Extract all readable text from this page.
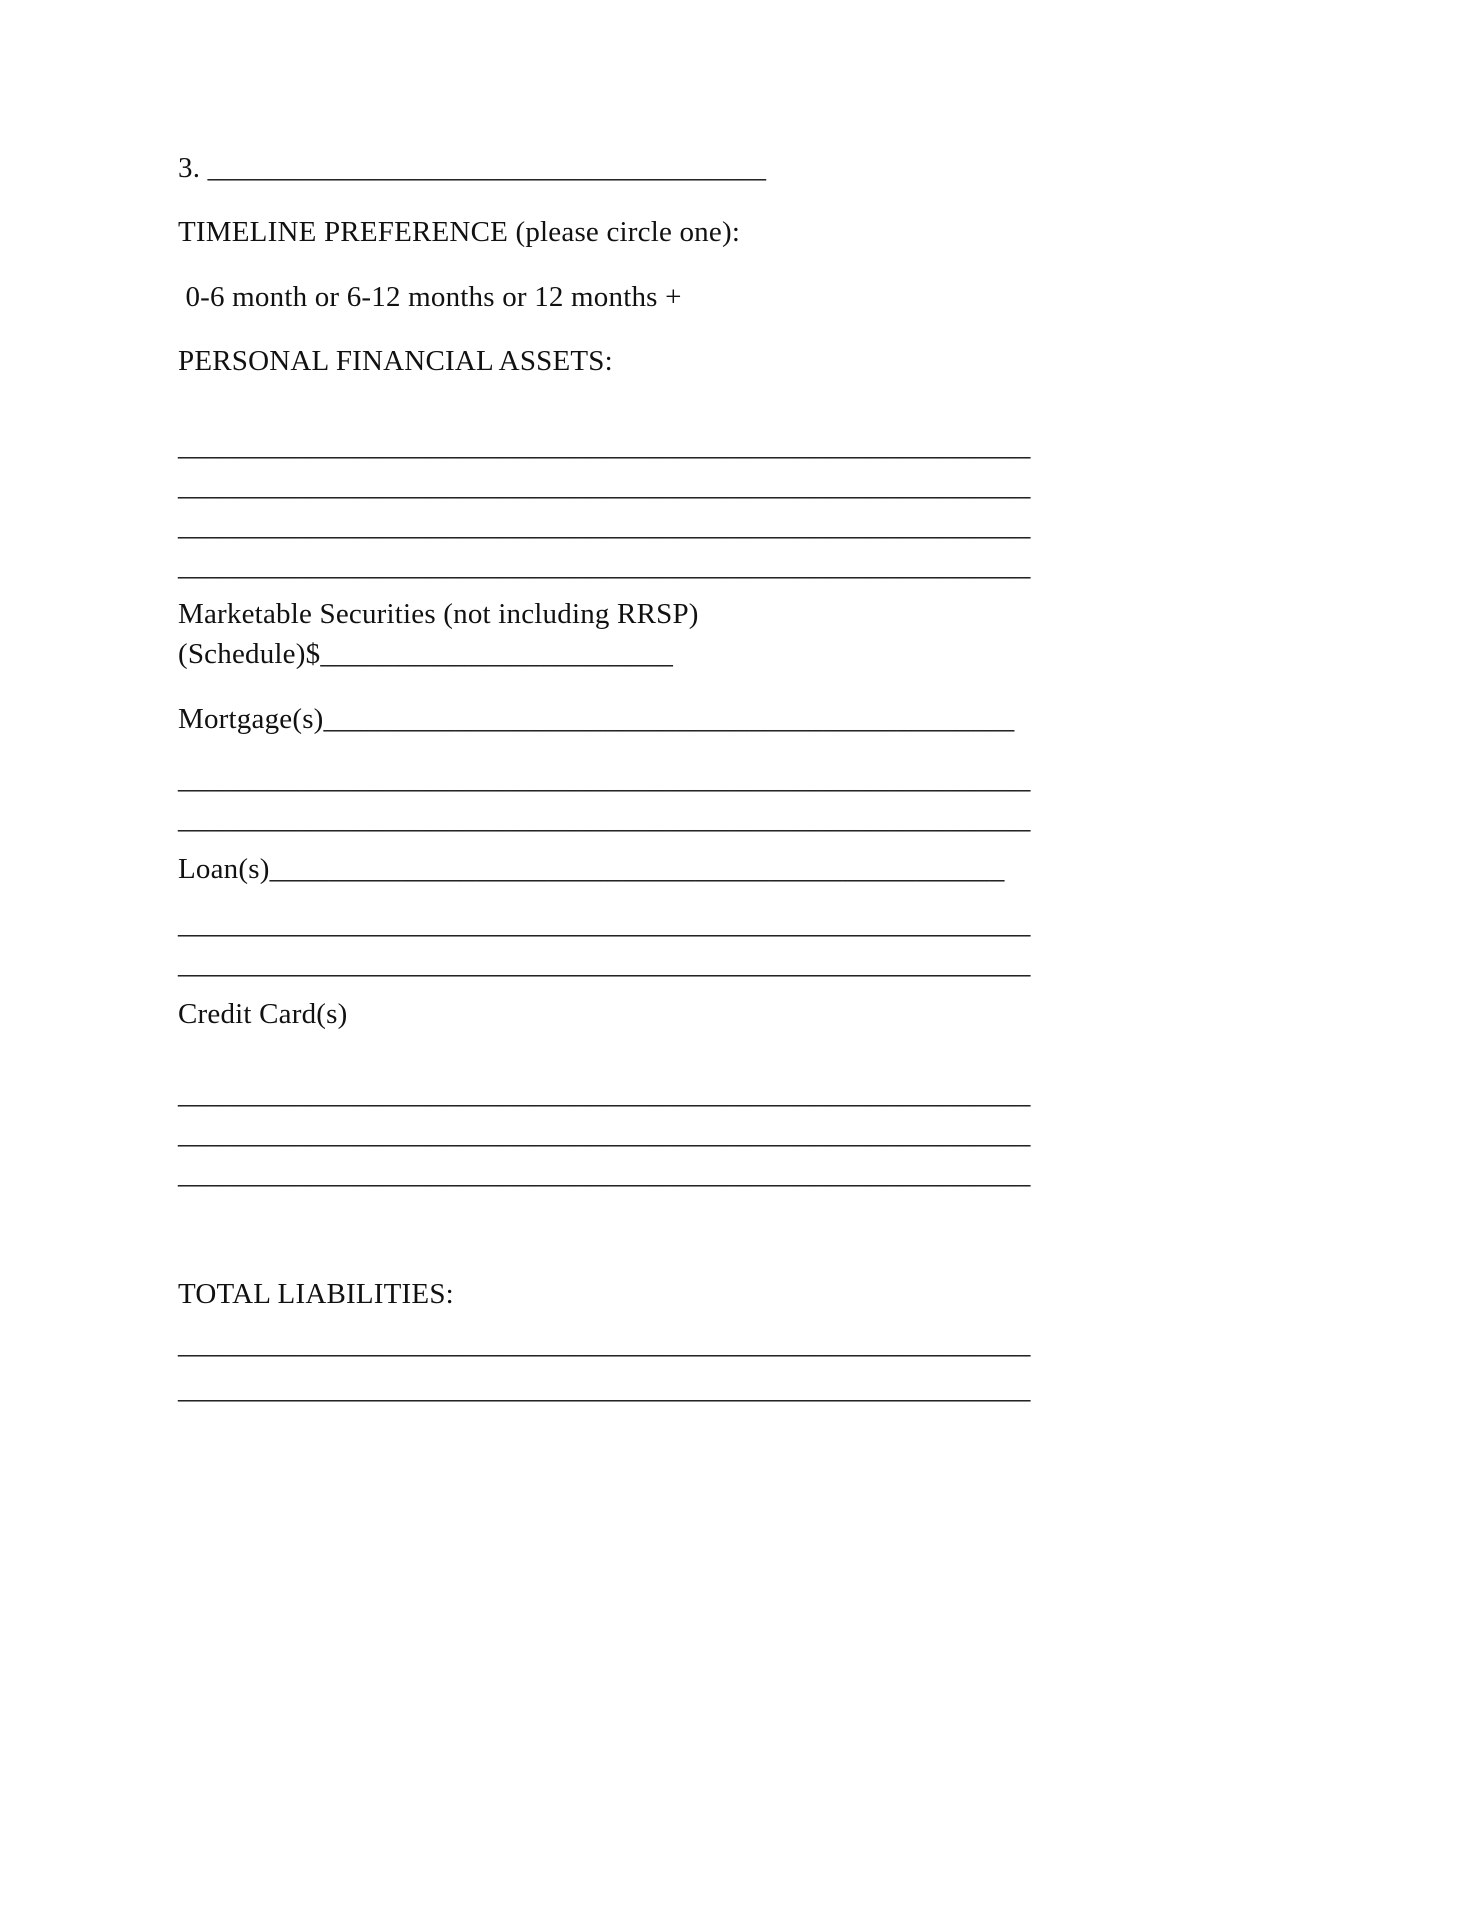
3. ______________________________________

TIMELINE PREFERENCE (please circle one):

0-6 month or 6-12 months or 12 months +

PERSONAL FINANCIAL ASSETS:

__________________________________________________________

__________________________________________________________

__________________________________________________________

__________________________________________________________

Marketable Securities (not including RRSP)

(Schedule)$________________________

Mortgage(s)_______________________________________________

__________________________________________________________

__________________________________________________________

Loan(s)__________________________________________________

__________________________________________________________

__________________________________________________________

Credit Card(s)

__________________________________________________________

__________________________________________________________

__________________________________________________________

TOTAL LIABILITIES:

__________________________________________________________

__________________________________________________________
